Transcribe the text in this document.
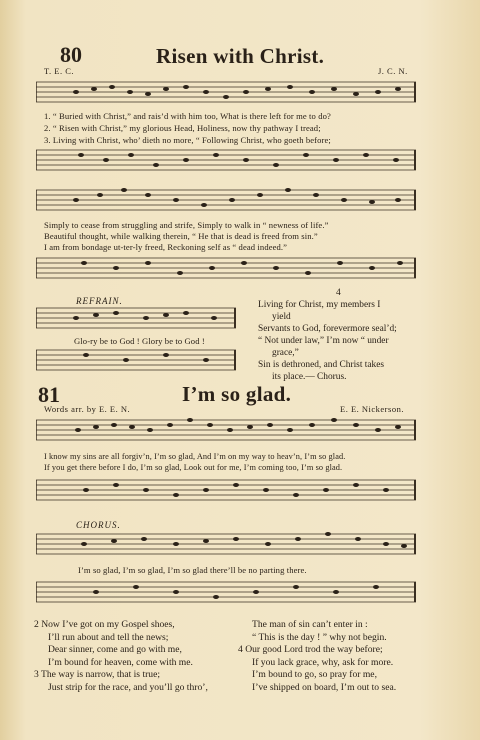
80	Risen with Christ.
T. E. C.	J. C. N.
1. “ Buried with Christ,” and rais’d with him too, What is there left for me to do?
2. “ Risen with Christ,” my glorious Head, Holiness, now thy pathway I tread;
3. Living with Christ, who’ dieth no more, “ Following Christ, who goeth before;
Simply to cease from struggling and strife, Simply to walk in “ newness of life.”
Beautiful thought, while walking therein, “ He that is dead is freed from sin.”
I am from bondage ut-ter-ly freed, Reckoning self as “ dead indeed.”
REFRAIN.
Glo-ry be to God ! Glory be to God !
4
Living for Christ, my members I
yield
Servants to God, forevermore seal’d;
“ Not under law,” I’m now “ under
grace,”
Sin is dethroned, and Christ takes
its place.— Chorus.
81	I’m so glad.
Words arr. by E. E. N.	E. E. Nickerson.
I know my sins are all forgiv’n, I’m so glad, And I’m on my way to heav’n, I’m so glad.
If you get there before I do, I’m so glad, Look out for me, I’m coming too, I’m so glad.
CHORUS.
I’m so glad, I’m so glad, I’m so glad there’ll be no parting there.
2 Now I’ve got on my Gospel shoes,
I’ll run about and tell the news;
Dear sinner, come and go with me,
I’m bound for heaven, come with me.
3 The way is narrow, that is true;
Just strip for the race, and you’ll go thro’,
The man of sin can’t enter in :
“ This is the day ! ” why not begin.
4 Our good Lord trod the way before;
If you lack grace, why, ask for more.
I’m bound to go, so pray for me,
I’ve shipped on board, I’m out to sea.
